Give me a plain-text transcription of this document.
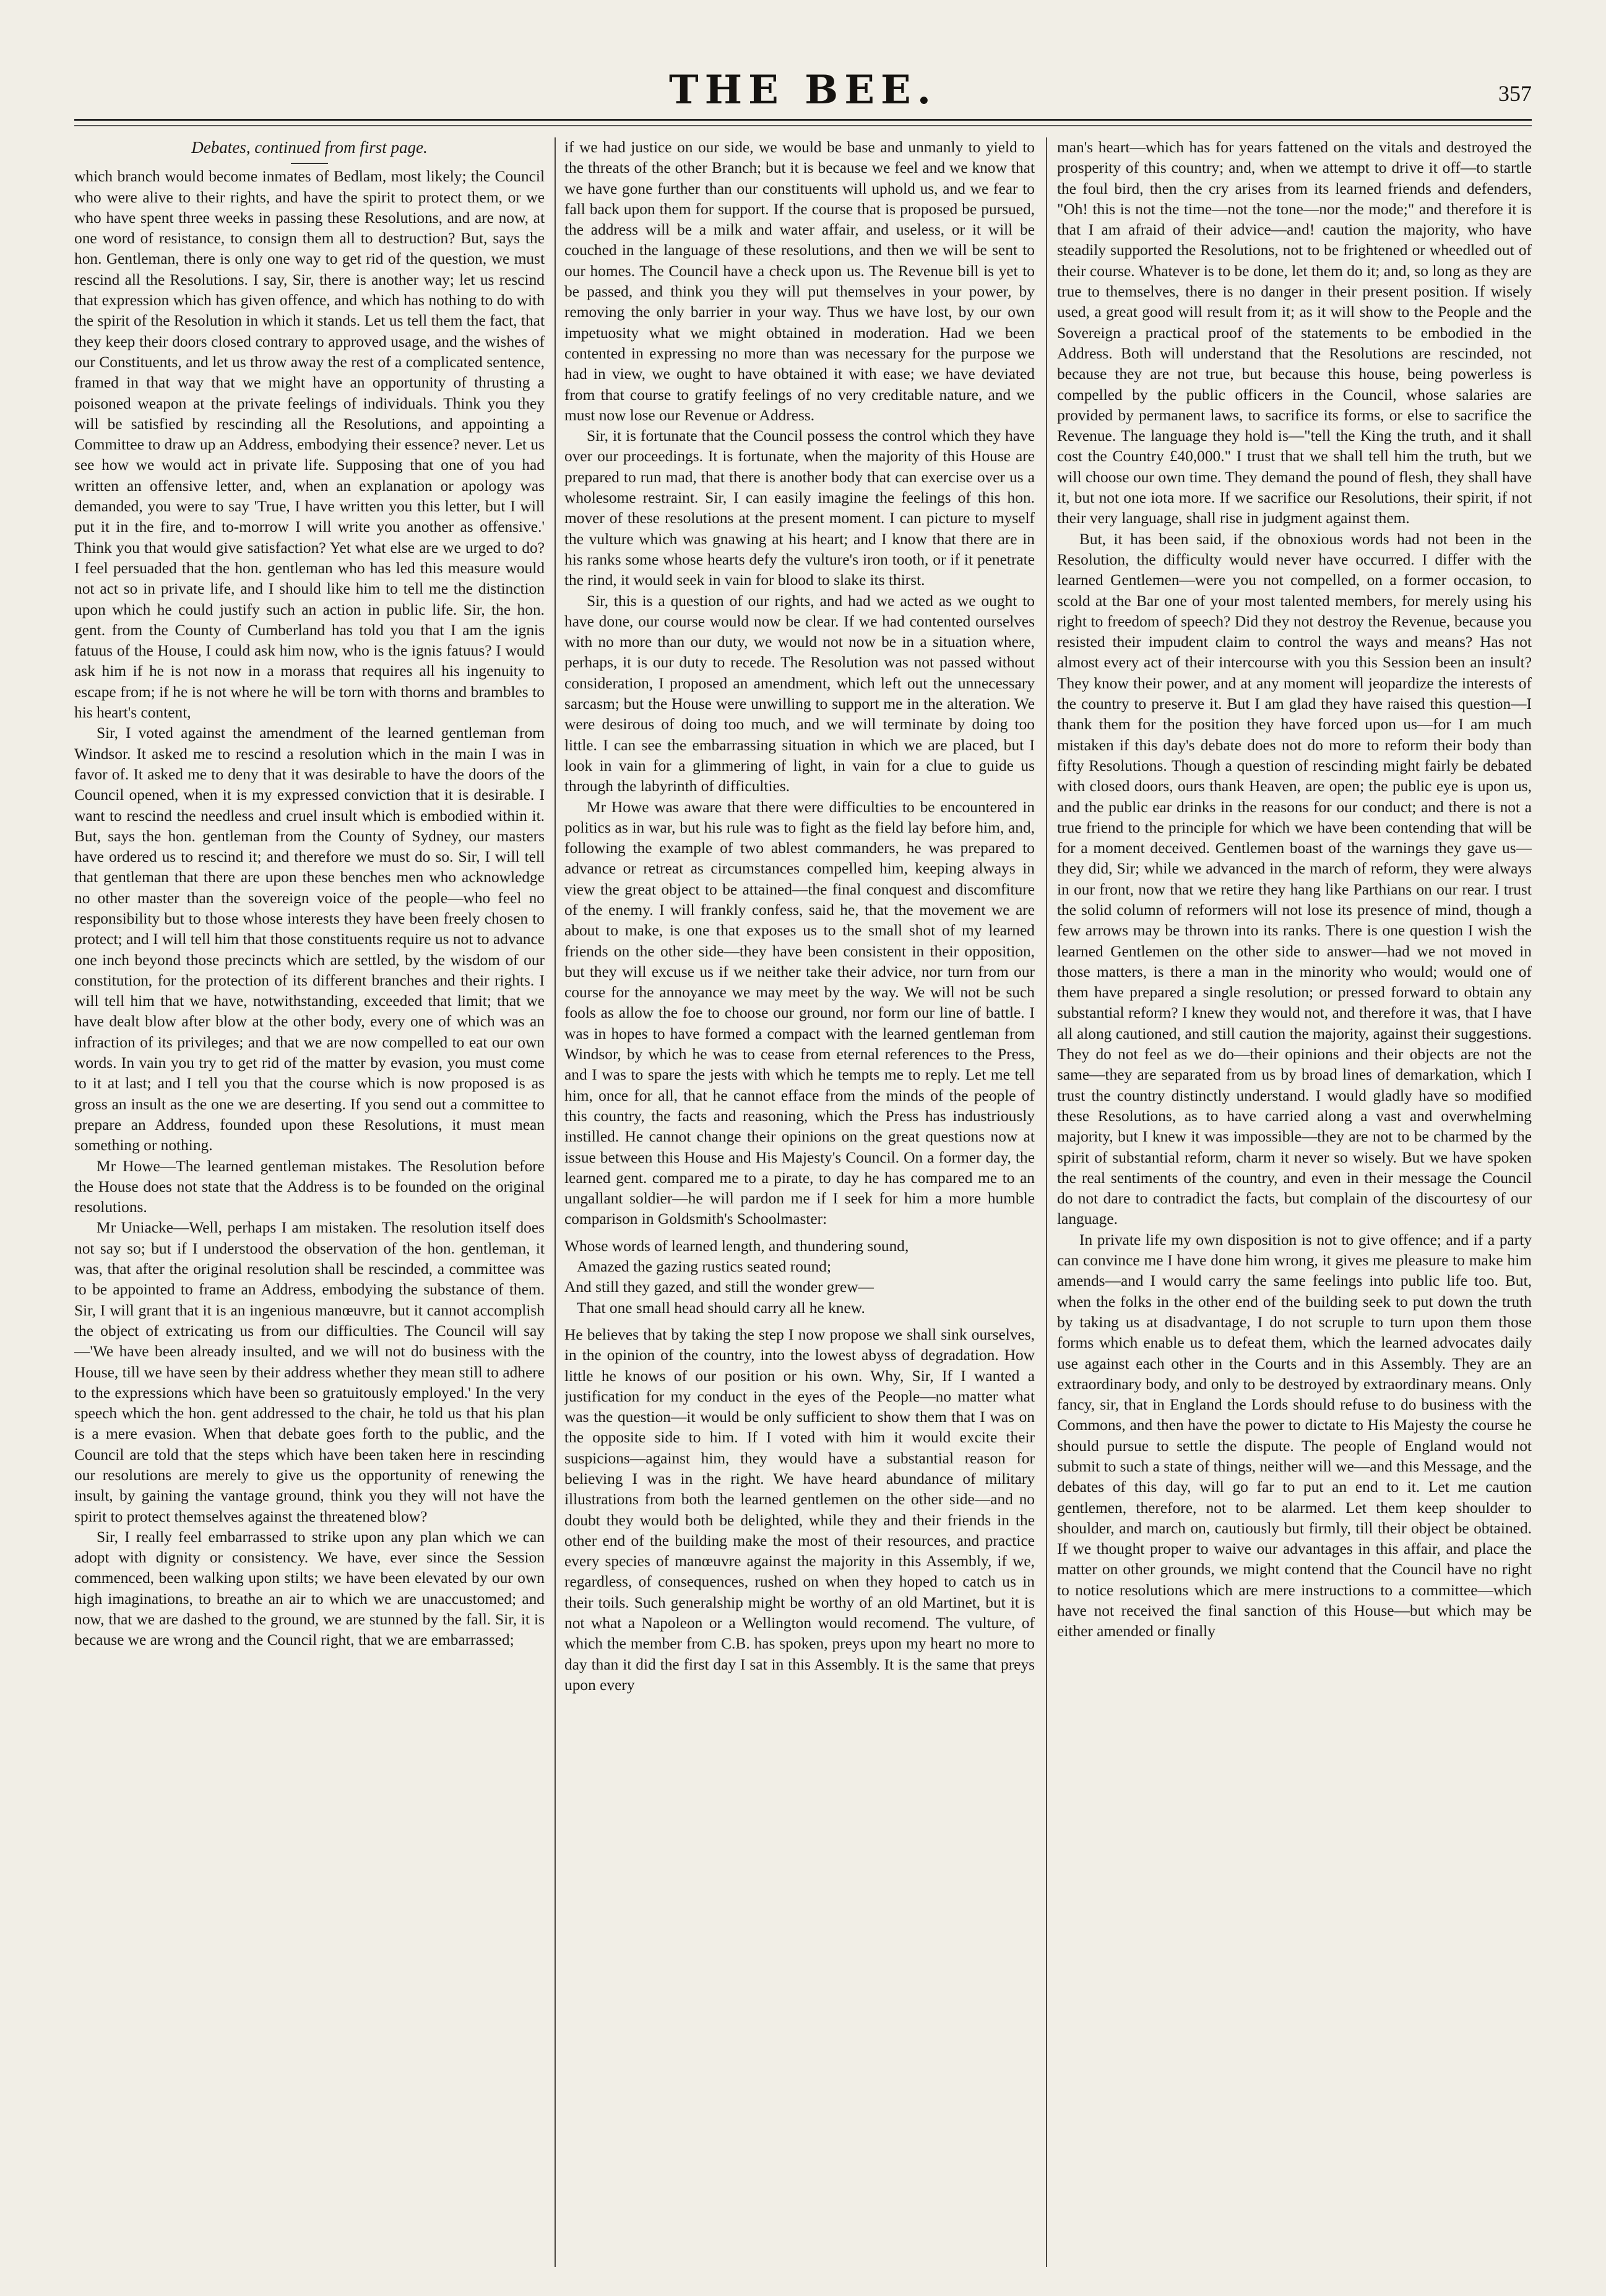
THE BEE.	357

Debates, continued from first page.

which branch would become inmates of Bedlam, most likely; the Council who were alive to their rights, and have the spirit to protect them, or we who have spent three weeks in passing these Resolutions, and are now, at one word of resistance, to consign them all to destruction? But, says the hon. Gentleman, there is only one way to get rid of the question, we must rescind all the Resolutions. I say, Sir, there is another way; let us rescind that expression which has given offence, and which has nothing to do with the spirit of the Resolution in which it stands. Let us tell them the fact, that they keep their doors closed contrary to approved usage, and the wishes of our Constituents, and let us throw away the rest of a complicated sentence, framed in that way that we might have an opportunity of thrusting a poisoned weapon at the private feelings of individuals. Think you they will be satisfied by rescinding all the Resolutions, and appointing a Committee to draw up an Address, embodying their essence? never. Let us see how we would act in private life. Supposing that one of you had written an offensive letter, and, when an explanation or apology was demanded, you were to say 'True, I have written you this letter, but I will put it in the fire, and to-morrow I will write you another as offensive.' Think you that would give satisfaction? Yet what else are we urged to do? I feel persuaded that the hon. gentleman who has led this measure would not act so in private life, and I should like him to tell me the distinction upon which he could justify such an action in public life. Sir, the hon. gent. from the County of Cumberland has told you that I am the ignis fatuus of the House, I could ask him now, who is the ignis fatuus? I would ask him if he is not now in a morass that requires all his ingenuity to escape from; if he is not where he will be torn with thorns and brambles to his heart's content,

Sir, I voted against the amendment of the learned gentleman from Windsor. It asked me to rescind a resolution which in the main I was in favor of. It asked me to deny that it was desirable to have the doors of the Council opened, when it is my expressed conviction that it is desirable. I want to rescind the needless and cruel insult which is embodied within it. But, says the hon. gentleman from the County of Sydney, our masters have ordered us to rescind it; and therefore we must do so. Sir, I will tell that gentleman that there are upon these benches men who acknowledge no other master than the sovereign voice of the people—who feel no responsibility but to those whose interests they have been freely chosen to protect; and I will tell him that those constituents require us not to advance one inch beyond those precincts which are settled, by the wisdom of our constitution, for the protection of its different branches and their rights. I will tell him that we have, notwithstanding, exceeded that limit; that we have dealt blow after blow at the other body, every one of which was an infraction of its privileges; and that we are now compelled to eat our own words. In vain you try to get rid of the matter by evasion, you must come to it at last; and I tell you that the course which is now proposed is as gross an insult as the one we are deserting. If you send out a committee to prepare an Address, founded upon these Resolutions, it must mean something or nothing.

Mr Howe—The learned gentleman mistakes. The Resolution before the House does not state that the Address is to be founded on the original resolutions.

Mr Uniacke—Well, perhaps I am mistaken. The resolution itself does not say so; but if I understood the observation of the hon. gentleman, it was, that after the original resolution shall be rescinded, a committee was to be appointed to frame an Address, embodying the substance of them. Sir, I will grant that it is an ingenious manœuvre, but it cannot accomplish the object of extricating us from our difficulties. The Council will say—'We have been already insulted, and we will not do business with the House, till we have seen by their address whether they mean still to adhere to the expressions which have been so gratuitously employed.' In the very speech which the hon. gent addressed to the chair, he told us that his plan is a mere evasion. When that debate goes forth to the public, and the Council are told that the steps which have been taken here in rescinding our resolutions are merely to give us the opportunity of renewing the insult, by gaining the vantage ground, think you they will not have the spirit to protect themselves against the threatened blow?

Sir, I really feel embarrassed to strike upon any plan which we can adopt with dignity or consistency. We have, ever since the Session commenced, been walking upon stilts; we have been elevated by our own high imaginations, to breathe an air to which we are unaccustomed; and now, that we are dashed to the ground, we are stunned by the fall. Sir, it is because we are wrong and the Council right, that we are embarrassed;

if we had justice on our side, we would be base and unmanly to yield to the threats of the other Branch; but it is because we feel and we know that we have gone further than our constituents will uphold us, and we fear to fall back upon them for support. If the course that is proposed be pursued, the address will be a milk and water affair, and useless, or it will be couched in the language of these resolutions, and then we will be sent to our homes. The Council have a check upon us. The Revenue bill is yet to be passed, and think you they will put themselves in your power, by removing the only barrier in your way. Thus we have lost, by our own impetuosity what we might obtained in moderation. Had we been contented in expressing no more than was necessary for the purpose we had in view, we ought to have obtained it with ease; we have deviated from that course to gratify feelings of no very creditable nature, and we must now lose our Revenue or Address.

Sir, it is fortunate that the Council possess the control which they have over our proceedings. It is fortunate, when the majority of this House are prepared to run mad, that there is another body that can exercise over us a wholesome restraint. Sir, I can easily imagine the feelings of this hon. mover of these resolutions at the present moment. I can picture to myself the vulture which was gnawing at his heart; and I know that there are in his ranks some whose hearts defy the vulture's iron tooth, or if it penetrate the rind, it would seek in vain for blood to slake its thirst.

Sir, this is a question of our rights, and had we acted as we ought to have done, our course would now be clear. If we had contented ourselves with no more than our duty, we would not now be in a situation where, perhaps, it is our duty to recede. The Resolution was not passed without consideration, I proposed an amendment, which left out the unnecessary sarcasm; but the House were unwilling to support me in the alteration. We were desirous of doing too much, and we will terminate by doing too little. I can see the embarrassing situation in which we are placed, but I look in vain for a glimmering of light, in vain for a clue to guide us through the labyrinth of difficulties.

Mr Howe was aware that there were difficulties to be encountered in politics as in war, but his rule was to fight as the field lay before him, and, following the example of two ablest commanders, he was prepared to advance or retreat as circumstances compelled him, keeping always in view the great object to be attained—the final conquest and discomfiture of the enemy. I will frankly confess, said he, that the movement we are about to make, is one that exposes us to the small shot of my learned friends on the other side—they have been consistent in their opposition, but they will excuse us if we neither take their advice, nor turn from our course for the annoyance we may meet by the way. We will not be such fools as allow the foe to choose our ground, nor form our line of battle. I was in hopes to have formed a compact with the learned gentleman from Windsor, by which he was to cease from eternal references to the Press, and I was to spare the jests with which he tempts me to reply. Let me tell him, once for all, that he cannot efface from the minds of the people of this country, the facts and reasoning, which the Press has industriously instilled. He cannot change their opinions on the great questions now at issue between this House and His Majesty's Council. On a former day, the learned gent. compared me to a pirate, to day he has compared me to an ungallant soldier—he will pardon me if I seek for him a more humble comparison in Goldsmith's Schoolmaster:

Whose words of learned length, and thundering sound,
Amazed the gazing rustics seated round;
And still they gazed, and still the wonder grew—
That one small head should carry all he knew.

He believes that by taking the step I now propose we shall sink ourselves, in the opinion of the country, into the lowest abyss of degradation. How little he knows of our position or his own. Why, Sir, If I wanted a justification for my conduct in the eyes of the People—no matter what was the question—it would be only sufficient to show them that I was on the opposite side to him. If I voted with him it would excite their suspicions—against him, they would have a substantial reason for believing I was in the right. We have heard abundance of military illustrations from both the learned gentlemen on the other side—and no doubt they would both be delighted, while they and their friends in the other end of the building make the most of their resources, and practice every species of manœuvre against the majority in this Assembly, if we, regardless, of consequences, rushed on when they hoped to catch us in their toils. Such generalship might be worthy of an old Martinet, but it is not what a Napoleon or a Wellington would recomend. The vulture, of which the member from C.B. has spoken, preys upon my heart no more to day than it did the first day I sat in this Assembly. It is the same that preys upon every

man's heart—which has for years fattened on the vitals and destroyed the prosperity of this country; and, when we attempt to drive it off—to startle the foul bird, then the cry arises from its learned friends and defenders, "Oh! this is not the time—not the tone—nor the mode;" and therefore it is that I am afraid of their advice—and! caution the majority, who have steadily supported the Resolutions, not to be frightened or wheedled out of their course. Whatever is to be done, let them do it; and, so long as they are true to themselves, there is no danger in their present position. If wisely used, a great good will result from it; as it will show to the People and the Sovereign a practical proof of the statements to be embodied in the Address. Both will understand that the Resolutions are rescinded, not because they are not true, but because this house, being powerless is compelled by the public officers in the Council, whose salaries are provided by permanent laws, to sacrifice its forms, or else to sacrifice the Revenue. The language they hold is—"tell the King the truth, and it shall cost the Country £40,000." I trust that we shall tell him the truth, but we will choose our own time. They demand the pound of flesh, they shall have it, but not one iota more. If we sacrifice our Resolutions, their spirit, if not their very language, shall rise in judgment against them.

But, it has been said, if the obnoxious words had not been in the Resolution, the difficulty would never have occurred. I differ with the learned Gentlemen—were you not compelled, on a former occasion, to scold at the Bar one of your most talented members, for merely using his right to freedom of speech? Did they not destroy the Revenue, because you resisted their impudent claim to control the ways and means? Has not almost every act of their intercourse with you this Session been an insult? They know their power, and at any moment will jeopardize the interests of the country to preserve it. But I am glad they have raised this question—I thank them for the position they have forced upon us—for I am much mistaken if this day's debate does not do more to reform their body than fifty Resolutions. Though a question of rescinding might fairly be debated with closed doors, ours thank Heaven, are open; the public eye is upon us, and the public ear drinks in the reasons for our conduct; and there is not a true friend to the principle for which we have been contending that will be for a moment deceived. Gentlemen boast of the warnings they gave us—they did, Sir; while we advanced in the march of reform, they were always in our front, now that we retire they hang like Parthians on our rear. I trust the solid column of reformers will not lose its presence of mind, though a few arrows may be thrown into its ranks. There is one question I wish the learned Gentlemen on the other side to answer—had we not moved in those matters, is there a man in the minority who would; would one of them have prepared a single resolution; or pressed forward to obtain any substantial reform? I knew they would not, and therefore it was, that I have all along cautioned, and still caution the majority, against their suggestions. They do not feel as we do—their opinions and their objects are not the same—they are separated from us by broad lines of demarkation, which I trust the country distinctly understand. I would gladly have so modified these Resolutions, as to have carried along a vast and overwhelming majority, but I knew it was impossible—they are not to be charmed by the spirit of substantial reform, charm it never so wisely. But we have spoken the real sentiments of the country, and even in their message the Council do not dare to contradict the facts, but complain of the discourtesy of our language.

In private life my own disposition is not to give offence; and if a party can convince me I have done him wrong, it gives me pleasure to make him amends—and I would carry the same feelings into public life too. But, when the folks in the other end of the building seek to put down the truth by taking us at disadvantage, I do not scruple to turn upon them those forms which enable us to defeat them, which the learned advocates daily use against each other in the Courts and in this Assembly. They are an extraordinary body, and only to be destroyed by extraordinary means. Only fancy, sir, that in England the Lords should refuse to do business with the Commons, and then have the power to dictate to His Majesty the course he should pursue to settle the dispute. The people of England would not submit to such a state of things, neither will we—and this Message, and the debates of this day, will go far to put an end to it. Let me caution gentlemen, therefore, not to be alarmed. Let them keep shoulder to shoulder, and march on, cautiously but firmly, till their object be obtained. If we thought proper to waive our advantages in this affair, and place the matter on other grounds, we might contend that the Council have no right to notice resolutions which are mere instructions to a committee—which have not received the final sanction of this House—but which may be either amended or finally
